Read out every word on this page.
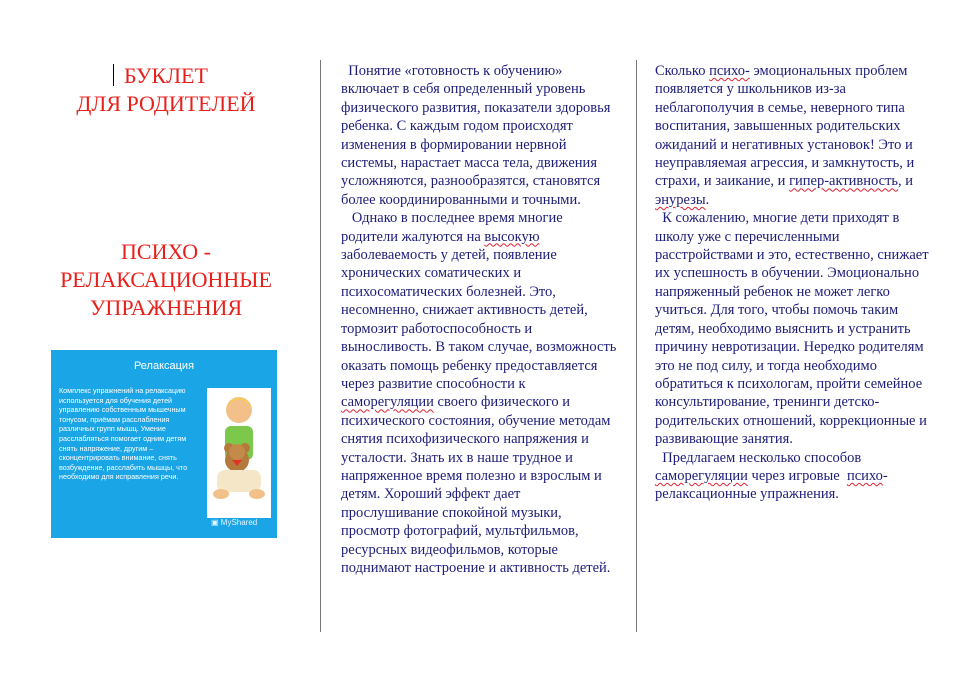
БУКЛЕТ
ДЛЯ РОДИТЕЛЕЙ
ПСИХО -
РЕЛАКСАЦИОННЫЕ
УПРАЖНЕНИЯ
Релаксация
Комплекс упражнений на релаксацию используется для обучения детей управлению собственным мышечным тонусом, приёмам расслабления различных групп мышц. Умение расслабляться помогает одним детям снять напряжение, другим – сконцентрировать внимание, снять возбуждение, расслабить мышцы, что необходимо для исправления речи.
▣ MyShared

Понятие «готовность к обучению» включает в себя определенный уровень физического развития, показатели здоровья ребенка. С каждым годом происходят изменения в формировании нервной системы, нарастает масса тела, движения усложняются, разнообразятся, становятся более координированными и точными.

Однако в последнее время многие родители жалуются на высокую заболеваемость у детей, появление хронических соматических и психосоматических болезней. Это, несомненно, снижает активность детей, тормозит работоспособность и выносливость. В таком случае, возможность оказать помощь ребенку предоставляется через развитие способности к саморегуляции своего физического и психического состояния, обучение методам снятия психофизического напряжения и усталости. Знать их в наше трудное и напряженное время полезно и взрослым и детям. Хороший эффект дает прослушивание спокойной музыки, просмотр фотографий, мультфильмов, ресурсных видеофильмов, которые поднимают настроение и активность детей.

Сколько психо- эмоциональных проблем появляется у школьников из-за неблагополучия в семье, неверного типа воспитания, завышенных родительских ожиданий и негативных установок! Это и неуправляемая агрессия, и замкнутость, и страхи, и заикание, и гипер-активность, и энурезы.

К сожалению, многие дети приходят в школу уже с перечисленными расстройствами и это, естественно, снижает их успешность в обучении. Эмоционально напряженный ребенок не может легко учиться. Для того, чтобы помочь таким детям, необходимо выяснить и устранить причину невротизации. Нередко родителям это не под силу, и тогда необходимо обратиться к психологам, пройти семейное консультирование, тренинги детско-родительских отношений, коррекционные и развивающие занятия.

Предлагаем несколько способов саморегуляции через игровые  психо-релаксационные упражнения.
